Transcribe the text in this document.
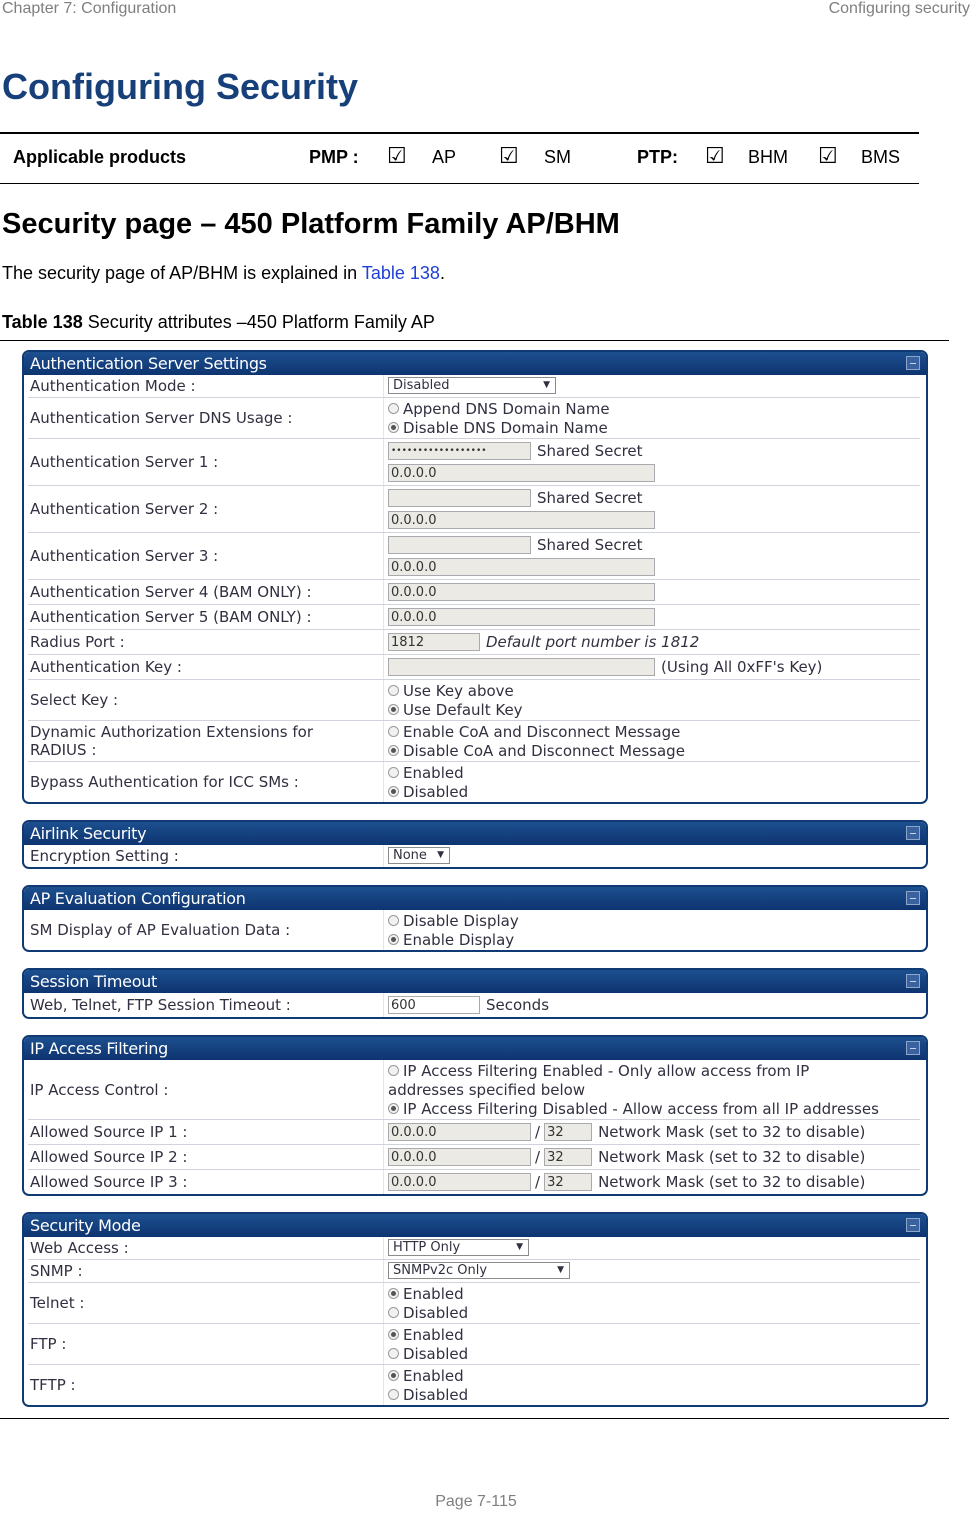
Chapter 7: Configuration	Configuring security
Configuring Security
Applicable products	PMP : ☑ AP ☑ SM	PTP: ☑ BHM ☑ BMS
Security page – 450 Platform Family AP/BHM
The security page of AP/BHM is explained in Table 138.
Table 138 Security attributes –450 Platform Family AP
Authentication Server Settings
Authentication Mode :	Disabled	▼
Authentication Server DNS Usage :
Append DNS Domain Name
Disable DNS Domain Name
Authentication Server 1 :
••••••••••••••••••	Shared Secret
0.0.0.0
Authentication Server 2 :
Shared Secret
0.0.0.0
Authentication Server 3 :
Shared Secret
0.0.0.0
Authentication Server 4 (BAM ONLY) :	0.0.0.0
Authentication Server 5 (BAM ONLY) :	0.0.0.0
Radius Port :	1812	Default port number is 1812
Authentication Key :	(Using All 0xFF's Key)
Select Key :
Use Key above
Use Default Key
Dynamic Authorization Extensions for
RADIUS :
Enable CoA and Disconnect Message
Disable CoA and Disconnect Message
Bypass Authentication for ICC SMs :
Enabled
Disabled
Airlink Security
Encryption Setting :	None ▼
AP Evaluation Configuration
SM Display of AP Evaluation Data :
Disable Display
Enable Display
Session Timeout
Web, Telnet, FTP Session Timeout :	600	Seconds
IP Access Filtering
IP Access Control :
IP Access Filtering Enabled - Only allow access from IP
addresses specified below
IP Access Filtering Disabled - Allow access from all IP addresses
Allowed Source IP 1 :	0.0.0.0	/ 32	Network Mask (set to 32 to disable)
Allowed Source IP 2 :	0.0.0.0	/ 32	Network Mask (set to 32 to disable)
Allowed Source IP 3 :	0.0.0.0	/ 32	Network Mask (set to 32 to disable)
Security Mode
Web Access :	HTTP Only	▼
SNMP :	SNMPv2c Only	▼
Telnet :
Enabled
Disabled
FTP :
Enabled
Disabled
TFTP :
Enabled
Disabled
Page 7-115
